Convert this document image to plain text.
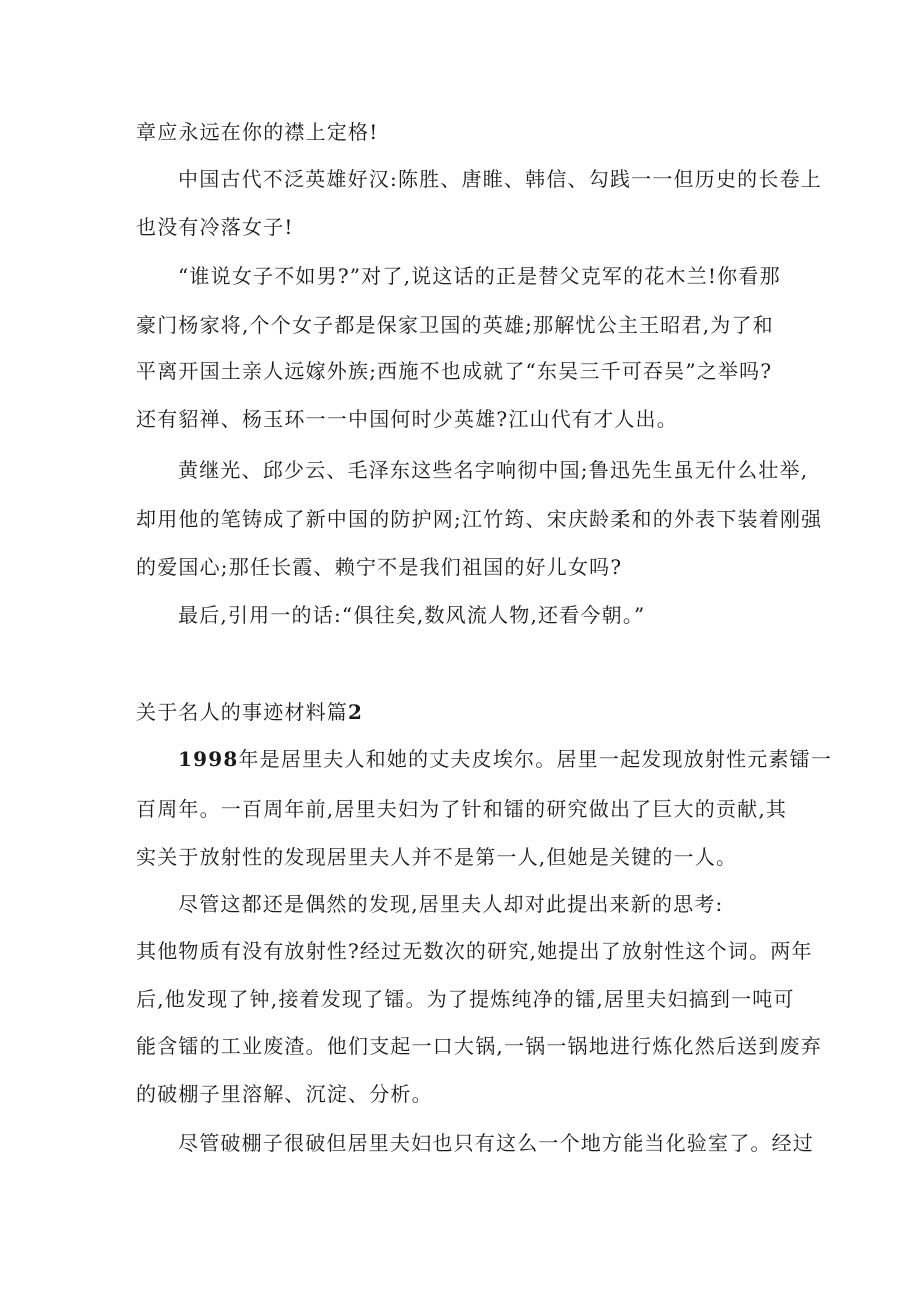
章应永远在你的襟上定格!
中国古代不泛英雄好汉:陈胜、唐睢、韩信、勾践一一但历史的长卷上
也没有冷落女子!
“谁说女子不如男?”对了,说这话的正是替父克军的花木兰!你看那
豪门杨家将,个个女子都是保家卫国的英雄;那解忧公主王昭君,为了和
平离开国土亲人远嫁外族;西施不也成就了“东吴三千可吞吴”之举吗?
还有貂禅、杨玉环一一中国何时少英雄?江山代有才人出。
黄继光、邱少云、毛泽东这些名字响彻中国;鲁迅先生虽无什么壮举,
却用他的笔铸成了新中国的防护网;江竹筠、宋庆龄柔和的外表下装着刚强
的爱国心;那任长霞、赖宁不是我们祖国的好儿女吗?
最后,引用一的话:“俱往矣,数风流人物,还看今朝。”
关于名人的事迹材料篇2
1998年是居里夫人和她的丈夫皮埃尔。居里一起发现放射性元素镭一
百周年。一百周年前,居里夫妇为了针和镭的研究做出了巨大的贡献,其
实关于放射性的发现居里夫人并不是第一人,但她是关键的一人。
尽管这都还是偶然的发现,居里夫人却对此提出来新的思考:
其他物质有没有放射性?经过无数次的研究,她提出了放射性这个词。两年
后,他发现了钟,接着发现了镭。为了提炼纯净的镭,居里夫妇搞到一吨可
能含镭的工业废渣。他们支起一口大锅,一锅一锅地进行炼化然后送到废弃
的破棚子里溶解、沉淀、分析。
尽管破棚子很破但居里夫妇也只有这么一个地方能当化验室了。经过
